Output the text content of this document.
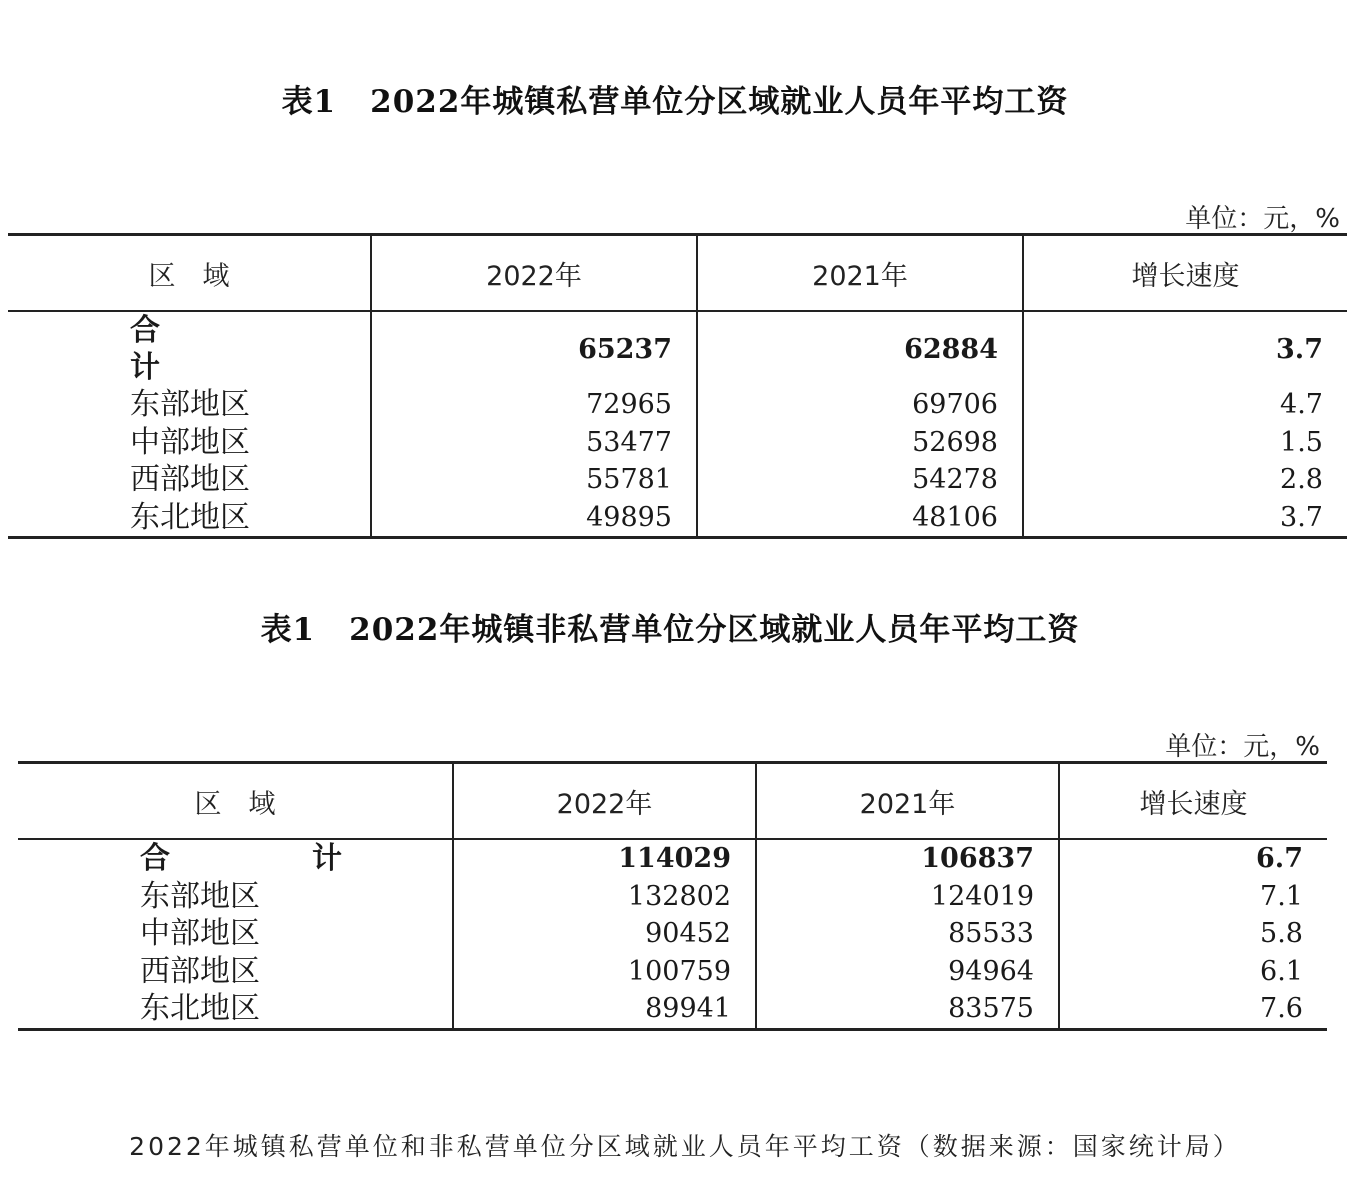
表1 2022年城镇私营单位分区域就业人员年平均工资
单位：元，%
区　域	2022年	2021年	增长速度
合　计	65237	62884	3.7
东部地区	72965	69706	4.7
中部地区	53477	52698	1.5
西部地区	55781	54278	2.8
东北地区	49895	48106	3.7
表1 2022年城镇非私营单位分区域就业人员年平均工资
单位：元，%
区　域	2022年	2021年	增长速度
合　计	114029	106837	6.7
东部地区	132802	124019	7.1
中部地区	90452	85533	5.8
西部地区	100759	94964	6.1
东北地区	89941	83575	7.6
2022年城镇私营单位和非私营单位分区域就业人员年平均工资（数据来源：国家统计局）
